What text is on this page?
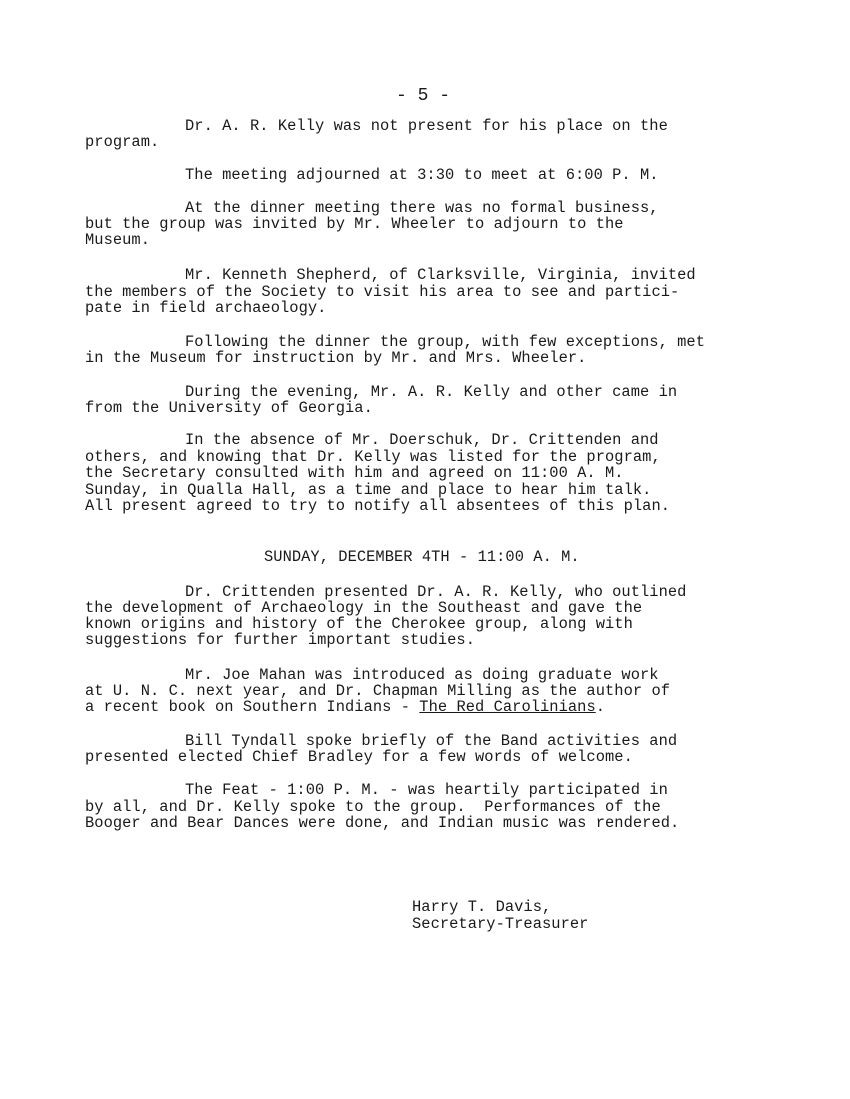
- 5 -
Dr. A. R. Kelly was not present for his place on the
program.
The meeting adjourned at 3:30 to meet at 6:00 P. M.
At the dinner meeting there was no formal business,
but the group was invited by Mr. Wheeler to adjourn to the
Museum.
Mr. Kenneth Shepherd, of Clarksville, Virginia, invited
the members of the Society to visit his area to see and partici-
pate in field archaeology.
Following the dinner the group, with few exceptions, met
in the Museum for instruction by Mr. and Mrs. Wheeler.
During the evening, Mr. A. R. Kelly and other came in
from the University of Georgia.
In the absence of Mr. Doerschuk, Dr. Crittenden and
others, and knowing that Dr. Kelly was listed for the program,
the Secretary consulted with him and agreed on 11:00 A. M.
Sunday, in Qualla Hall, as a time and place to hear him talk.
All present agreed to try to notify all absentees of this plan.
SUNDAY, DECEMBER 4TH - 11:00 A. M.
Dr. Crittenden presented Dr. A. R. Kelly, who outlined
the development of Archaeology in the Southeast and gave the
known origins and history of the Cherokee group, along with
suggestions for further important studies.
Mr. Joe Mahan was introduced as doing graduate work
at U. N. C. next year, and Dr. Chapman Milling as the author of
a recent book on Southern Indians - The Red Carolinians.
Bill Tyndall spoke briefly of the Band activities and
presented elected Chief Bradley for a few words of welcome.
The Feat - 1:00 P. M. - was heartily participated in
by all, and Dr. Kelly spoke to the group.  Performances of the
Booger and Bear Dances were done, and Indian music was rendered.
Harry T. Davis,
Secretary-Treasurer
